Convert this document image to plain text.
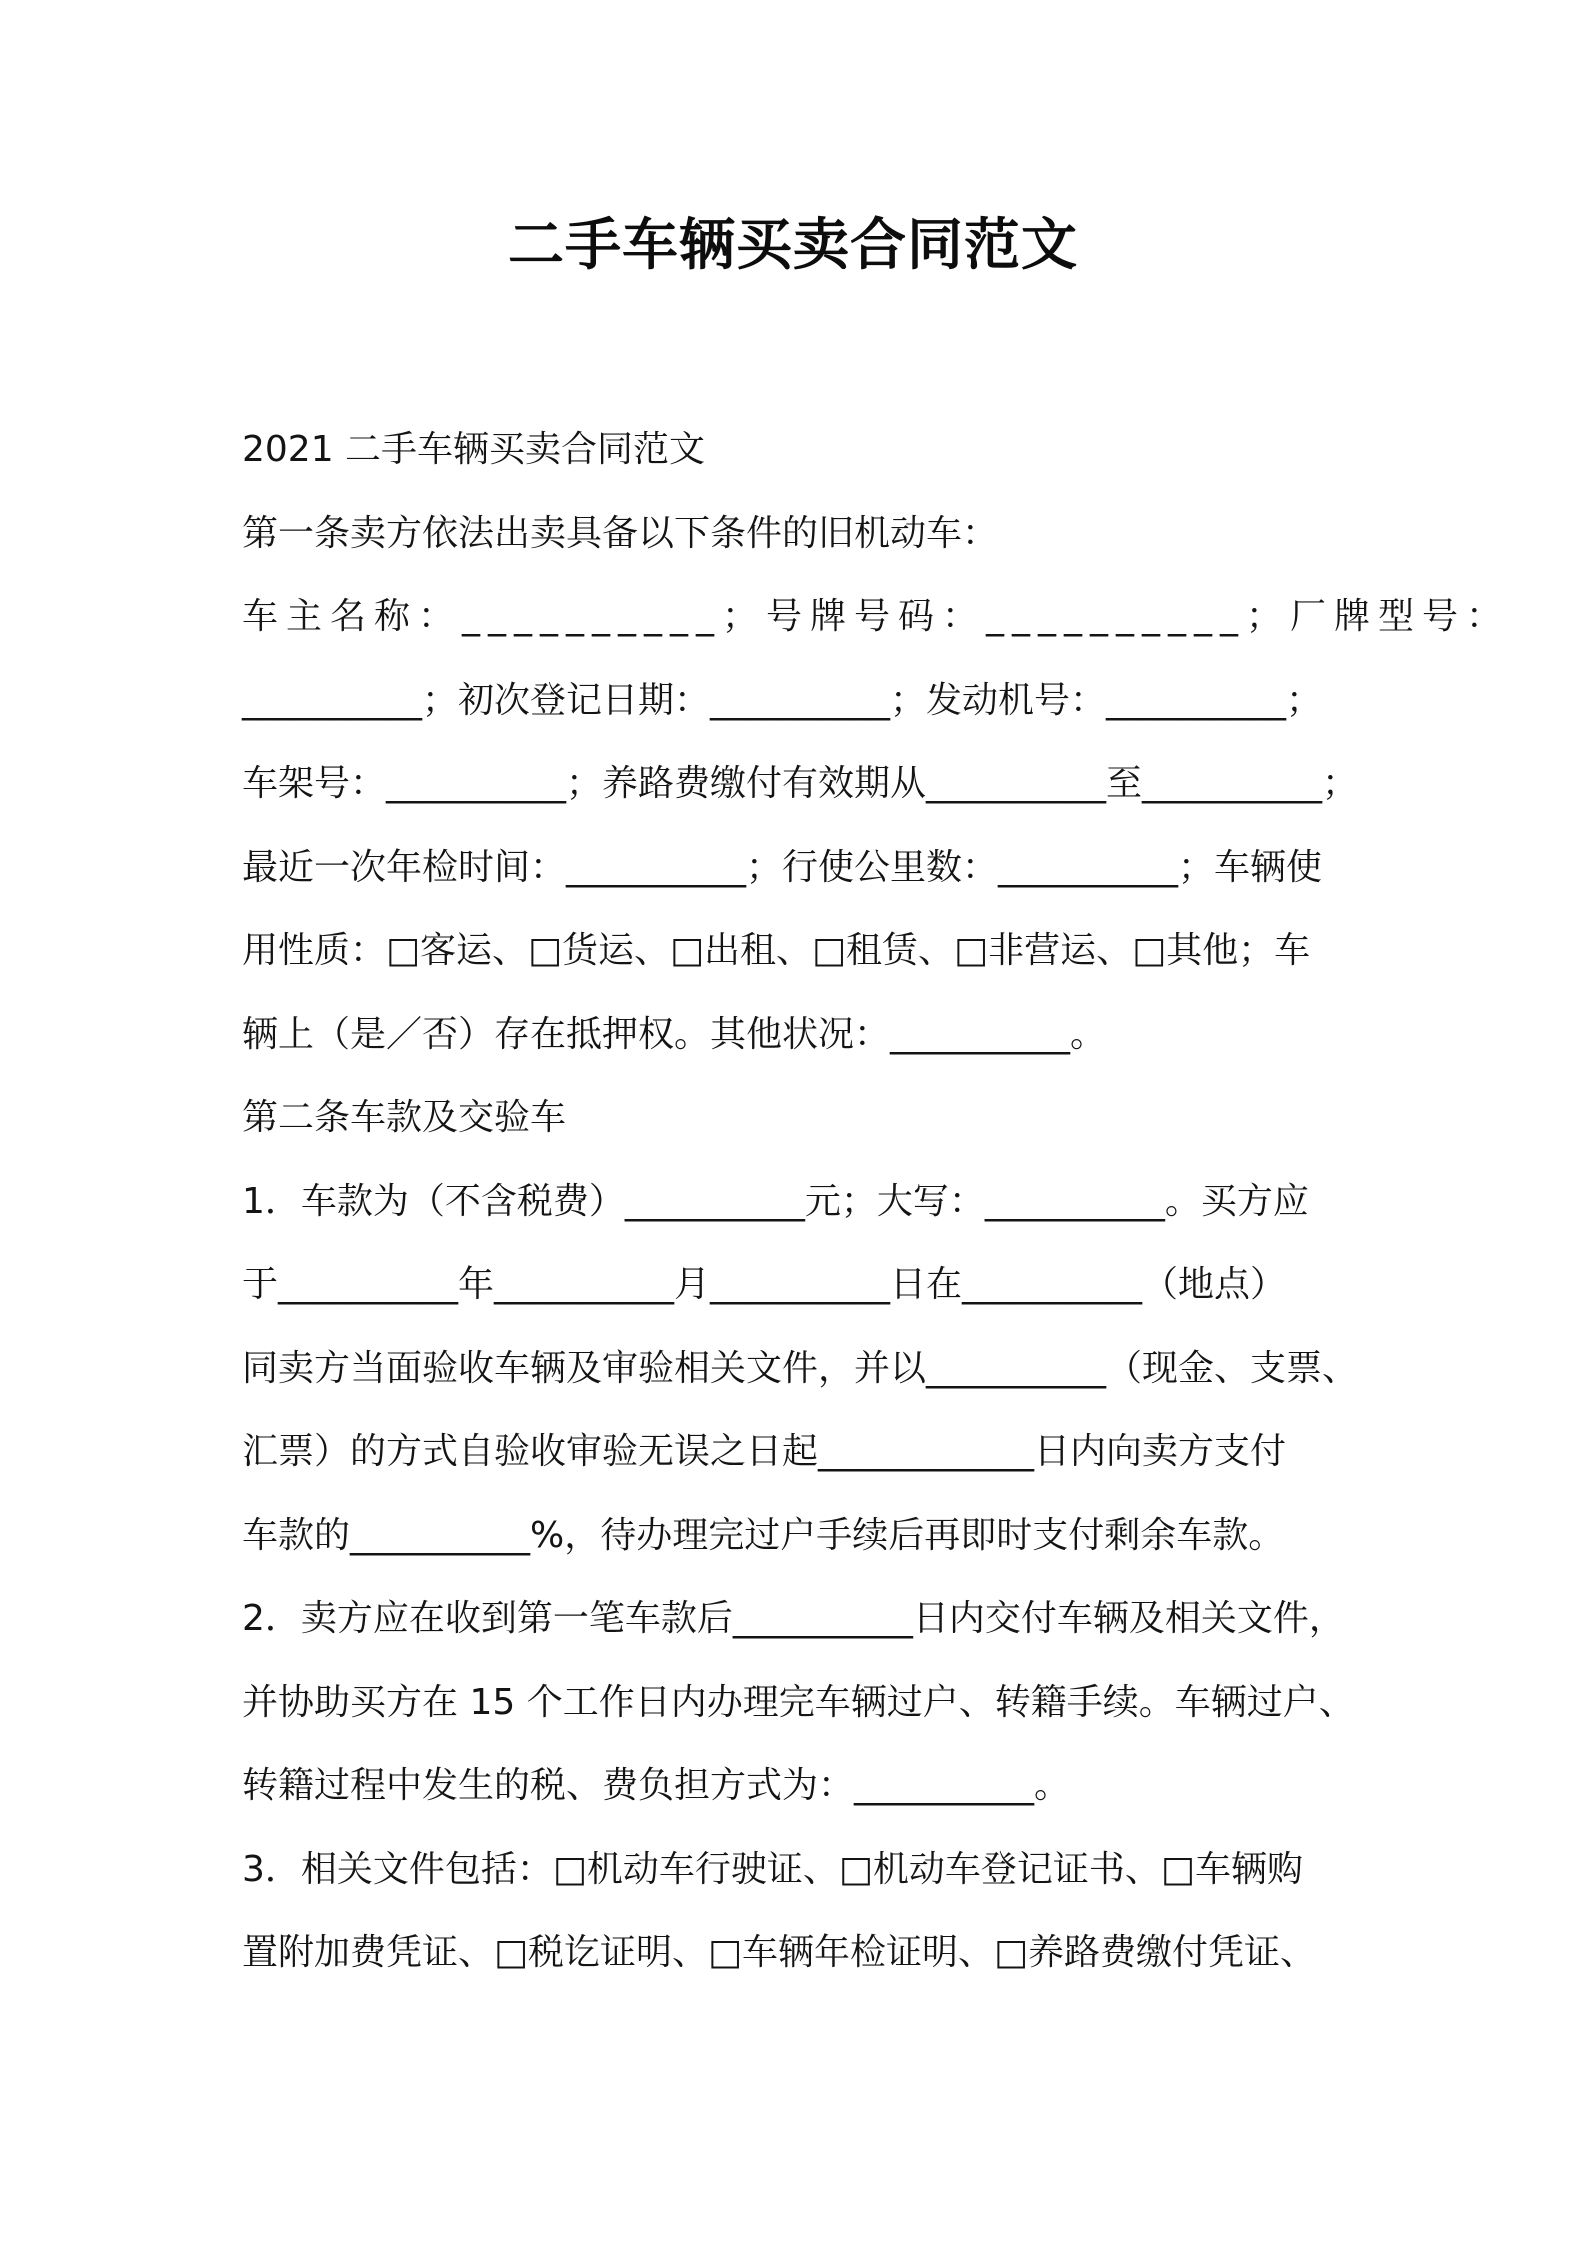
二手车辆买卖合同范文
2021 二手车辆买卖合同范文
第一条卖方依法出卖具备以下条件的旧机动车：
车主名称：__________；号牌号码：__________；厂牌型号：
__________；初次登记日期：__________；发动机号：__________；
车架号：__________；养路费缴付有效期从__________至__________；
最近一次年检时间：__________；行使公里数：__________；车辆使
用性质：□客运、□货运、□出租、□租赁、□非营运、□其他；车
辆上（是／否）存在抵押权。其他状况：__________。
第二条车款及交验车
1．车款为（不含税费）__________元；大写：__________。买方应
于__________年__________月__________日在__________（地点）
同卖方当面验收车辆及审验相关文件，并以__________（现金、支票、
汇票）的方式自验收审验无误之日起____________日内向卖方支付
车款的__________%，待办理完过户手续后再即时支付剩余车款。
2．卖方应在收到第一笔车款后__________日内交付车辆及相关文件，
并协助买方在 15 个工作日内办理完车辆过户、转籍手续。车辆过户、
转籍过程中发生的税、费负担方式为：__________。
3．相关文件包括：□机动车行驶证、□机动车登记证书、□车辆购
置附加费凭证、□税讫证明、□车辆年检证明、□养路费缴付凭证、
